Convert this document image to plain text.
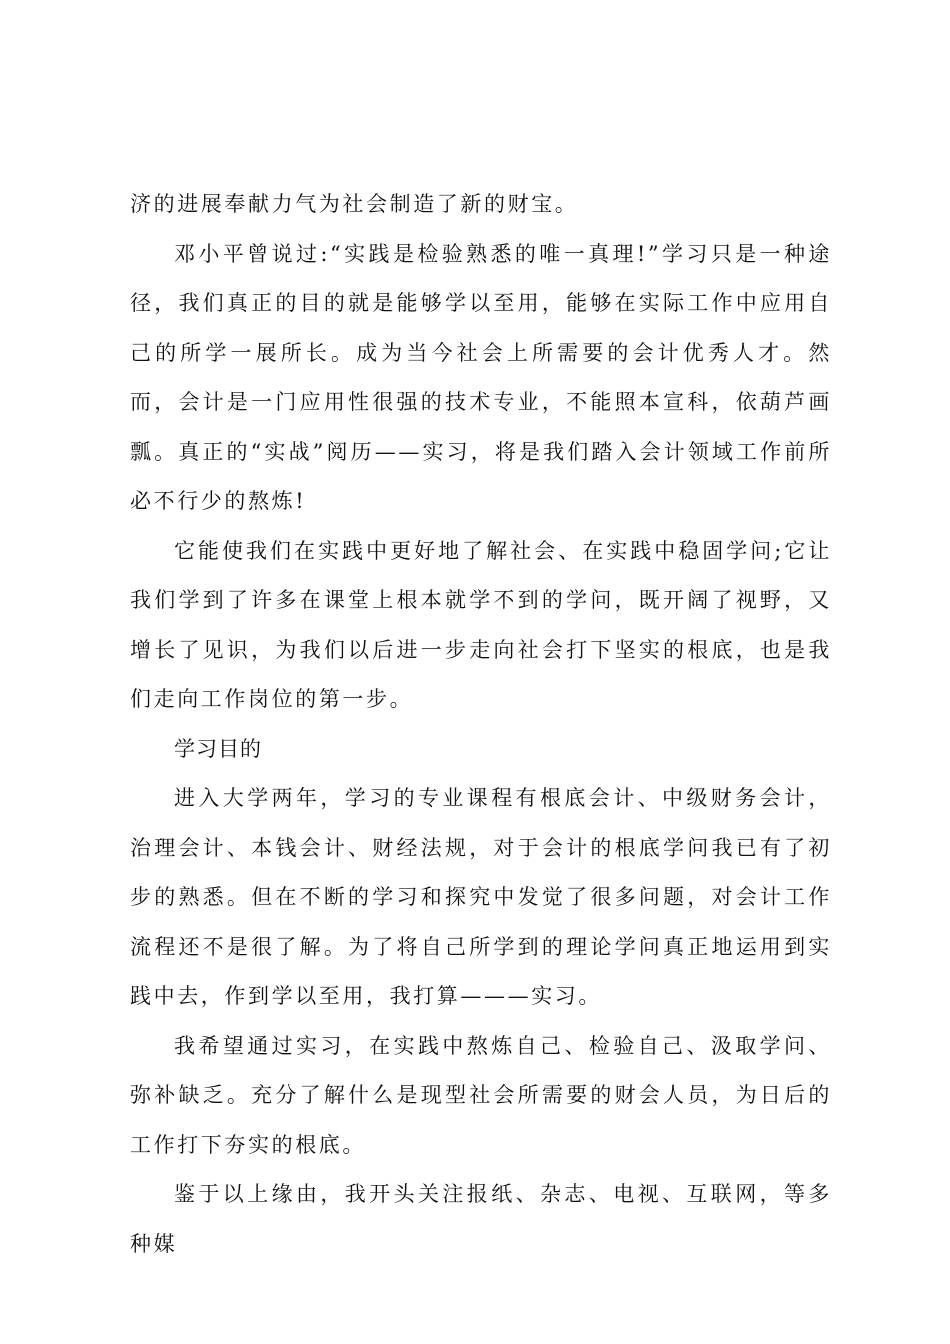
济的进展奉献力气为社会制造了新的财宝。

邓小平曾说过:“实践是检验熟悉的唯一真理!”学习只是一种途径，我们真正的目的就是能够学以至用，能够在实际工作中应用自己的所学一展所长。成为当今社会上所需要的会计优秀人才。然而，会计是一门应用性很强的技术专业，不能照本宣科，依葫芦画瓢。真正的“实战”阅历——实习，将是我们踏入会计领域工作前所必不行少的熬炼!

它能使我们在实践中更好地了解社会、在实践中稳固学问;它让我们学到了许多在课堂上根本就学不到的学问，既开阔了视野，又增长了见识，为我们以后进一步走向社会打下坚实的根底，也是我们走向工作岗位的第一步。

学习目的

进入大学两年，学习的专业课程有根底会计、中级财务会计，治理会计、本钱会计、财经法规，对于会计的根底学问我已有了初步的熟悉。但在不断的学习和探究中发觉了很多问题，对会计工作流程还不是很了解。为了将自己所学到的理论学问真正地运用到实践中去，作到学以至用，我打算———实习。

我希望通过实习，在实践中熬炼自己、检验自己、汲取学问、弥补缺乏。充分了解什么是现型社会所需要的财会人员，为日后的工作打下夯实的根底。

鉴于以上缘由，我开头关注报纸、杂志、电视、互联网，等多种媒
